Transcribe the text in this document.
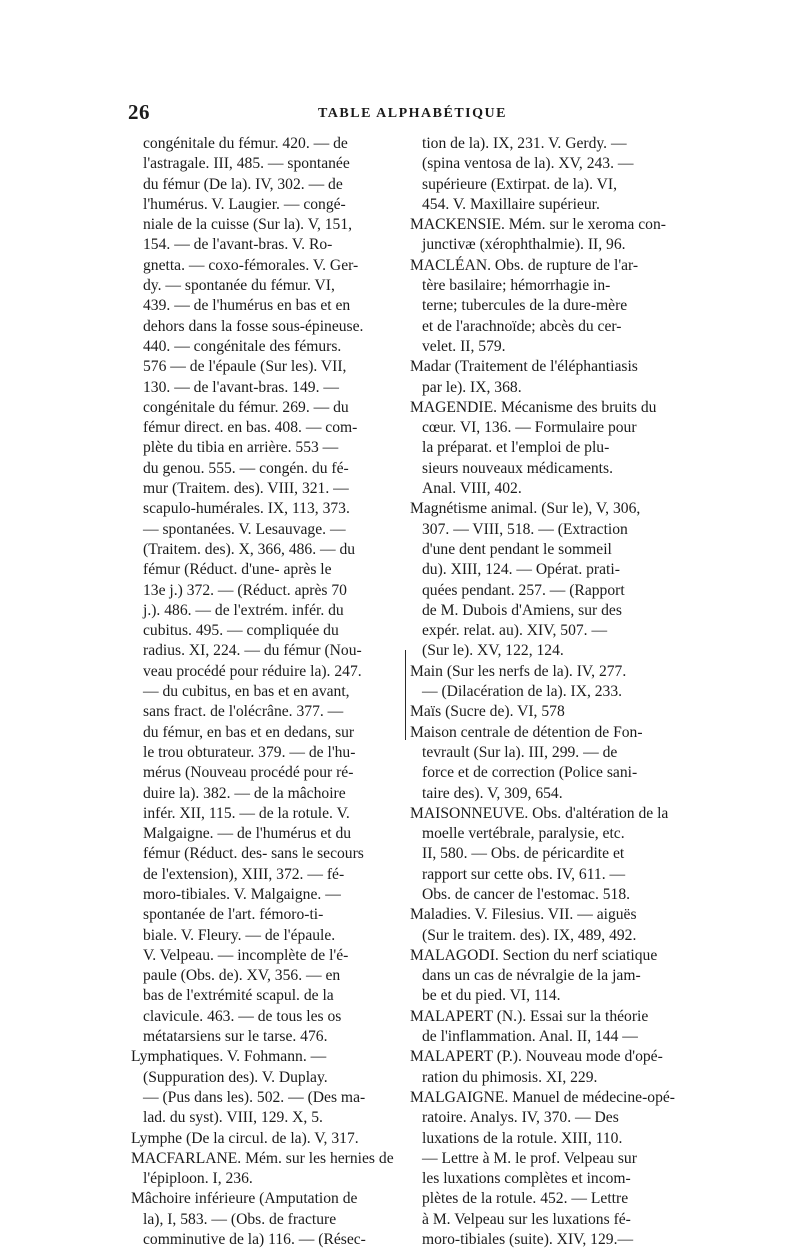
26	TABLE ALPHABÉTIQUE
congénitale du fémur. 420. — de
l'astragale. III, 485. — spontanée
du fémur (De la). IV, 302. — de
l'humérus. V. Laugier. — congé-
niale de la cuisse (Sur la). V, 151,
154. — de l'avant-bras. V. Ro-
gnetta. — coxo-fémorales. V. Ger-
dy. — spontanée du fémur. VI,
439. — de l'humérus en bas et en
dehors dans la fosse sous-épineuse.
440. — congénitale des fémurs.
576 — de l'épaule (Sur les). VII,
130. — de l'avant-bras. 149. —
congénitale du fémur. 269. — du
fémur direct. en bas. 408. — com-
plète du tibia en arrière. 553 —
du genou. 555. — congén. du fé-
mur (Traitem. des). VIII, 321. —
scapulo-humérales. IX, 113, 373.
— spontanées. V. Lesauvage. —
(Traitem. des). X, 366, 486. — du
fémur (Réduct. d'une- après le
13e j.) 372. — (Réduct. après 70
j.). 486. — de l'extrém. infér. du
cubitus. 495. — compliquée du
radius. XI, 224. — du fémur (Nou-
veau procédé pour réduire la). 247.
— du cubitus, en bas et en avant,
sans fract. de l'olécrâne. 377. —
du fémur, en bas et en dedans, sur
le trou obturateur. 379. — de l'hu-
mérus (Nouveau procédé pour ré-
duire la). 382. — de la mâchoire
infér. XII, 115. — de la rotule. V.
Malgaigne. — de l'humérus et du
fémur (Réduct. des- sans le secours
de l'extension), XIII, 372. — fé-
moro-tibiales. V. Malgaigne. —
spontanée de l'art. fémoro-ti-
biale. V. Fleury. — de l'épaule.
V. Velpeau. — incomplète de l'é-
paule (Obs. de). XV, 356. — en
bas de l'extrémité scapul. de la
clavicule. 463. — de tous les os
métatarsiens sur le tarse. 476.
Lymphatiques. V. Fohmann. —
(Suppuration des). V. Duplay.
— (Pus dans les). 502. — (Des ma-
lad. du syst). VIII, 129. X, 5.
Lymphe (De la circul. de la). V, 317.
MACFARLANE. Mém. sur les hernies de
l'épiploon. I, 236.
Mâchoire inférieure (Amputation de
la), I, 583. — (Obs. de fracture
comminutive de la) 116. — (Résec-
tion de la). IX, 231. V. Gerdy. —
(spina ventosa de la). XV, 243. —
supérieure (Extirpat. de la). VI,
454. V. Maxillaire supérieur.
MACKENSIE. Mém. sur le xeroma con-
junctivæ (xérophthalmie). II, 96.
MACLÉAN. Obs. de rupture de l'ar-
tère basilaire; hémorrhagie in-
terne; tubercules de la dure-mère
et de l'arachnoïde; abcès du cer-
velet. II, 579.
Madar (Traitement de l'éléphantiasis
par le). IX, 368.
MAGENDIE. Mécanisme des bruits du
cœur. VI, 136. — Formulaire pour
la préparat. et l'emploi de plu-
sieurs nouveaux médicaments.
Anal. VIII, 402.
Magnétisme animal. (Sur le), V, 306,
307. — VIII, 518. — (Extraction
d'une dent pendant le sommeil
du). XIII, 124. — Opérat. prati-
quées pendant. 257. — (Rapport
de M. Dubois d'Amiens, sur des
expér. relat. au). XIV, 507. —
(Sur le). XV, 122, 124.
Main (Sur les nerfs de la). IV, 277.
— (Dilacération de la). IX, 233.
Maïs (Sucre de). VI, 578
Maison centrale de détention de Fon-
tevrault (Sur la). III, 299. — de
force et de correction (Police sani-
taire des). V, 309, 654.
MAISONNEUVE. Obs. d'altération de la
moelle vertébrale, paralysie, etc.
II, 580. — Obs. de péricardite et
rapport sur cette obs. IV, 611. —
Obs. de cancer de l'estomac. 518.
Maladies. V. Filesius. VII. — aiguës
(Sur le traitem. des). IX, 489, 492.
MALAGODI. Section du nerf sciatique
dans un cas de névralgie de la jam-
be et du pied. VI, 114.
MALAPERT (N.). Essai sur la théorie
de l'inflammation. Anal. II, 144 —
MALAPERT (P.). Nouveau mode d'opé-
ration du phimosis. XI, 229.
MALGAIGNE. Manuel de médecine-opé-
ratoire. Analys. IV, 370. — Des
luxations de la rotule. XIII, 110.
— Lettre à M. le prof. Velpeau sur
les luxations complètes et incom-
plètes de la rotule. 452. — Lettre
à M. Velpeau sur les luxations fé-
moro-tibiales (suite). XIV, 129.—
